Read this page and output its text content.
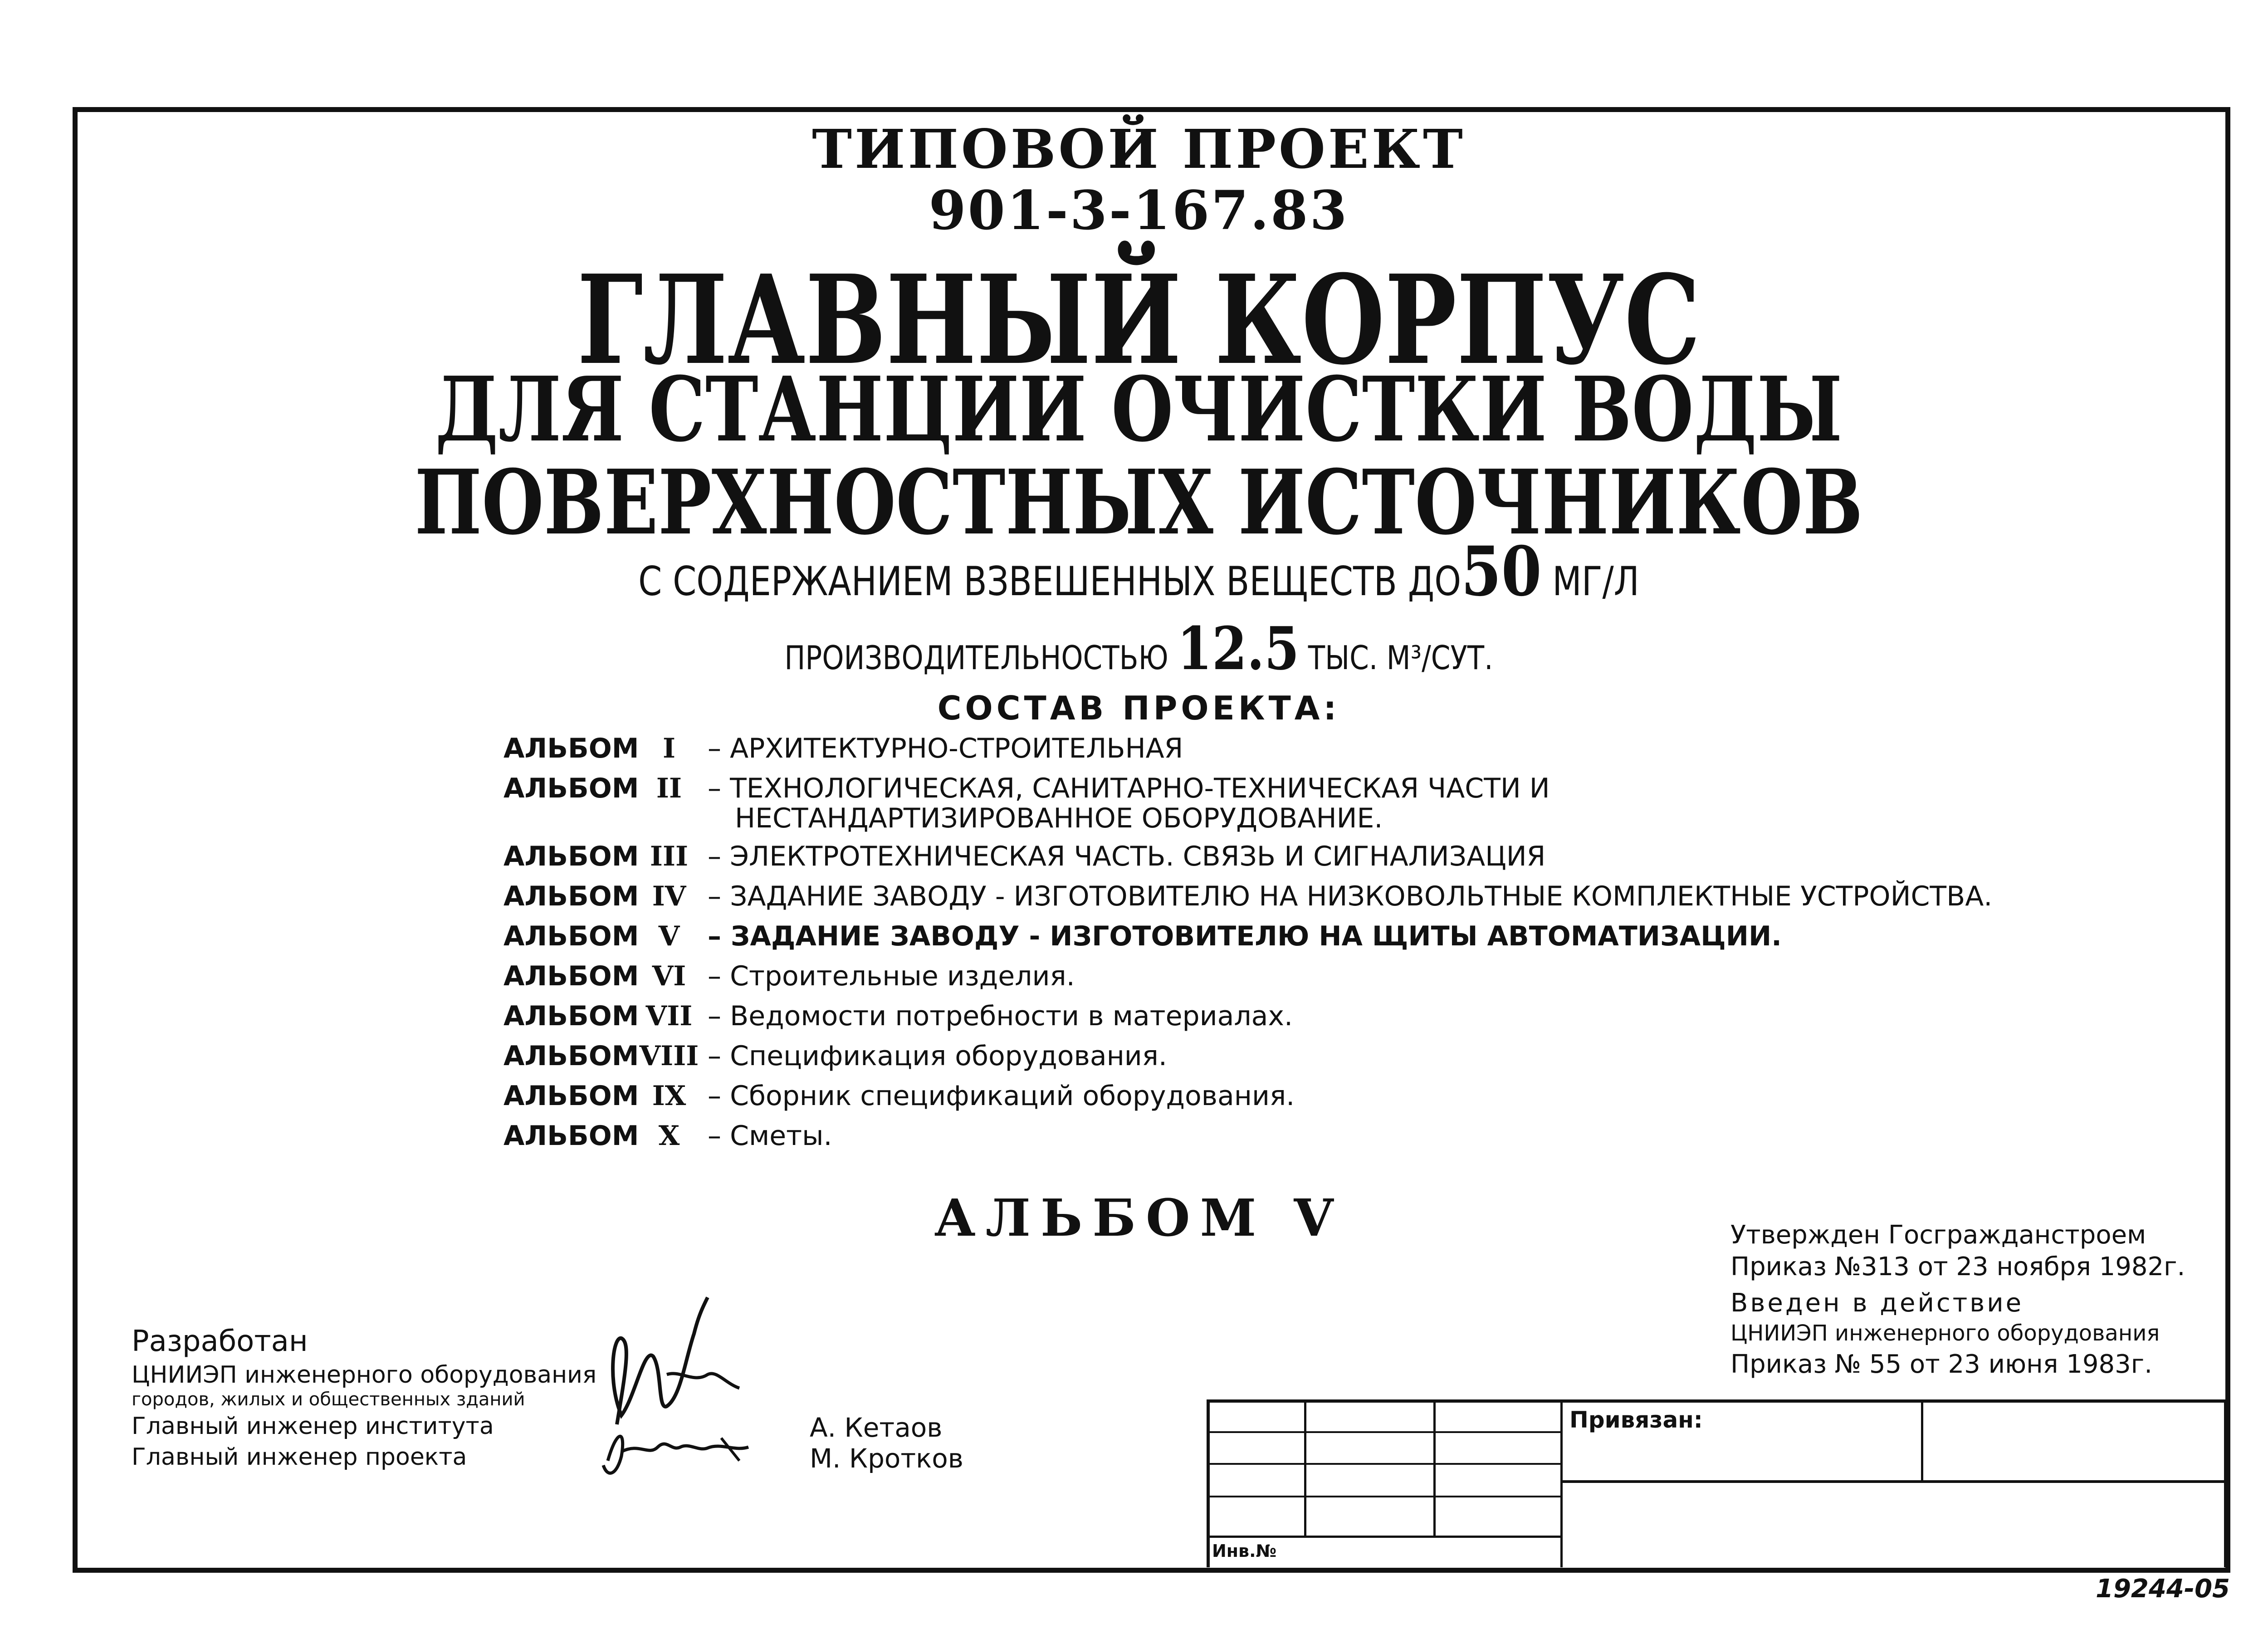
ТИПОВОЙ ПРОЕКТ
901-3-167.83
ГЛАВНЫЙ КОРПУС
ДЛЯ СТАНЦИИ ОЧИСТКИ ВОДЫ
ПОВЕРХНОСТНЫХ ИСТОЧНИКОВ
С СОДЕРЖАНИЕМ ВЗВЕШЕННЫХ ВЕЩЕСТВ ДО50 МГ/Л
ПРОИЗВОДИТЕЛЬНОСТЬЮ 12.5 ТЫС. М³/СУТ.
СОСТАВ ПРОЕКТА:
АЛЬБОМ I	– АРХИТЕКТУРНО-СТРОИТЕЛЬНАЯ
АЛЬБОМ II – ТЕХНОЛОГИЧЕСКАЯ, САНИТАРНО-ТЕХНИЧЕСКАЯ ЧАСТИ И
НЕСТАНДАРТИЗИРОВАННОЕ ОБОРУДОВАНИЕ.
АЛЬБОМ III – ЭЛЕКТРОТЕХНИЧЕСКАЯ ЧАСТЬ. СВЯЗЬ И СИГНАЛИЗАЦИЯ
АЛЬБОМ IV – ЗАДАНИЕ ЗАВОДУ - ИЗГОТОВИТЕЛЮ НА НИЗКОВОЛЬТНЫЕ КОМПЛЕКТНЫЕ УСТРОЙСТВА.
АЛЬБОМ V	– ЗАДАНИЕ ЗАВОДУ - ИЗГОТОВИТЕЛЮ НА ЩИТЫ АВТОМАТИЗАЦИИ.
АЛЬБОМ VI – Строительные изделия.
АЛЬБОМ VII – Ведомости потребности в материалах.
АЛЬБОМ VIII – Спецификация оборудования.
АЛЬБОМ IX – Сборник спецификаций оборудования.
АЛЬБОМ X	– Сметы.
АЛЬБОМ V	Утвержден Госгражданстроем
Приказ №313 от 23 ноября 1982г.
Введен в действие
ЦНИИЭП инженерного оборудования
Приказ № 55 от 23 июня 1983г.
Разработан
ЦНИИЭП инженерного оборудования
городов, жилых и общественных зданий
Главный инженер института
Главный инженер проекта
А. Кетаов
М. Кротков
Привязан:
Инв.№
19244-05
